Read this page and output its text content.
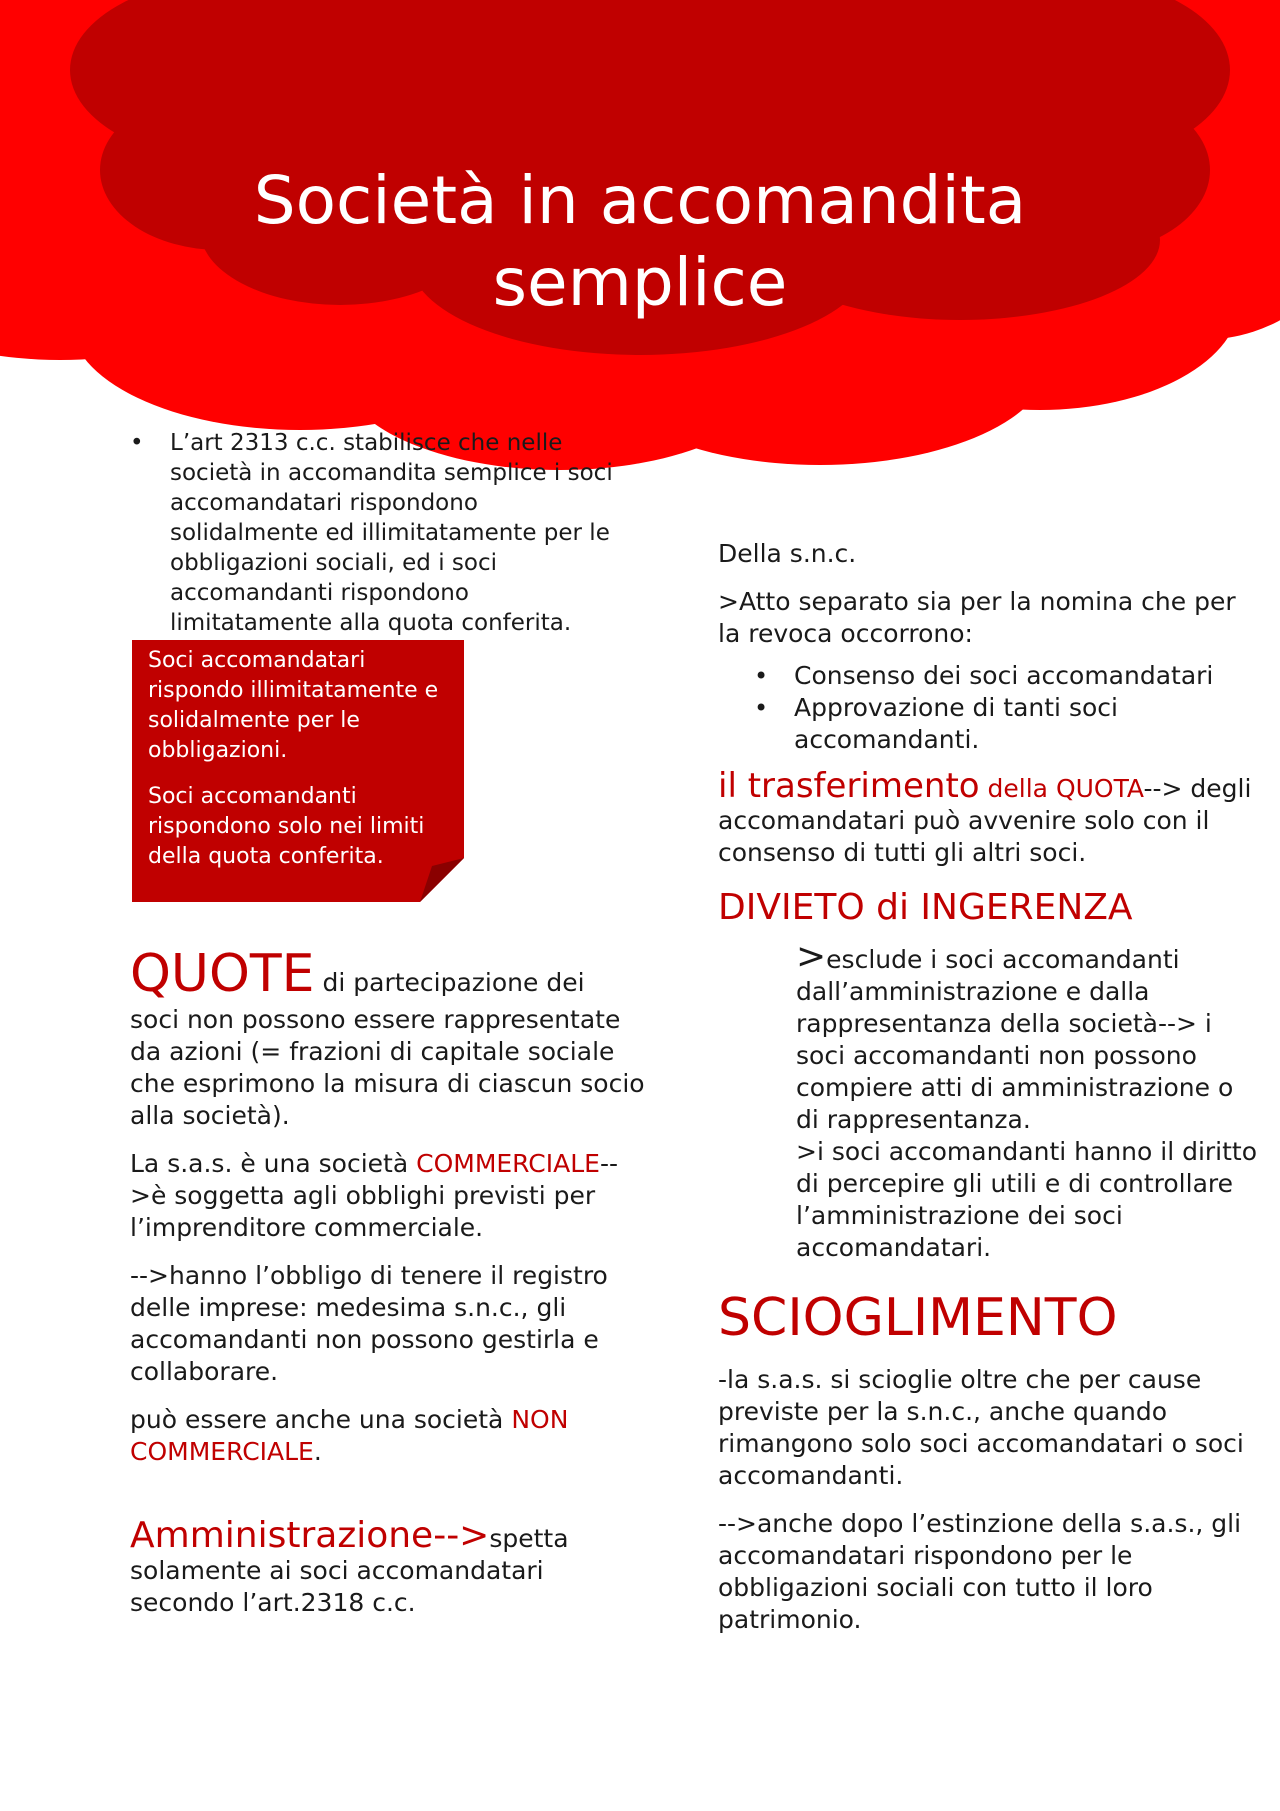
Società in accomandita semplice
• L’art 2313 c.c. stabilisce che nelle società in accomandita semplice i soci accomandatari rispondono solidalmente ed illimitatamente per le obbligazioni sociali, ed i soci accomandanti rispondono limitatamente alla quota conferita.

Soci accomandatari rispondo illimitatamente e solidalmente per le obbligazioni.

Soci accomandanti rispondono solo nei limiti della quota conferita.

QUOTE di partecipazione dei
soci non possono essere rappresentate da azioni (= frazioni di capitale sociale che esprimono la misura di ciascun socio alla società).

La s.a.s. è una società COMMERCIALE-->è soggetta agli obblighi previsti per l’imprenditore commerciale.

-->hanno l’obbligo di tenere il registro delle imprese: medesima s.n.c., gli accomandanti non possono gestirla e collaborare.

può essere anche una società NON COMMERCIALE.

Amministrazione-->spetta
solamente ai soci accomandatari secondo l’art.2318 c.c.

Della s.n.c.

>Atto separato sia per la nomina che per la revoca occorrono:

• Consenso dei soci accomandatari
• Approvazione di tanti soci accomandanti.

il trasferimento della QUOTA--> degli accomandatari può avvenire solo con il consenso di tutti gli altri soci.

DIVIETO di INGERENZA

>esclude i soci accomandanti dall’amministrazione e dalla rappresentanza della società--> i soci accomandanti non possono compiere atti di amministrazione o di rappresentanza.

>i soci accomandanti hanno il diritto di percepire gli utili e di controllare l’amministrazione dei soci accomandatari.

SCIOGLIMENTO

-la s.a.s. si scioglie oltre che per cause previste per la s.n.c., anche quando rimangono solo soci accomandatari o soci accomandanti.

-->anche dopo l’estinzione della s.a.s., gli accomandatari rispondono per le obbligazioni sociali con tutto il loro patrimonio.
